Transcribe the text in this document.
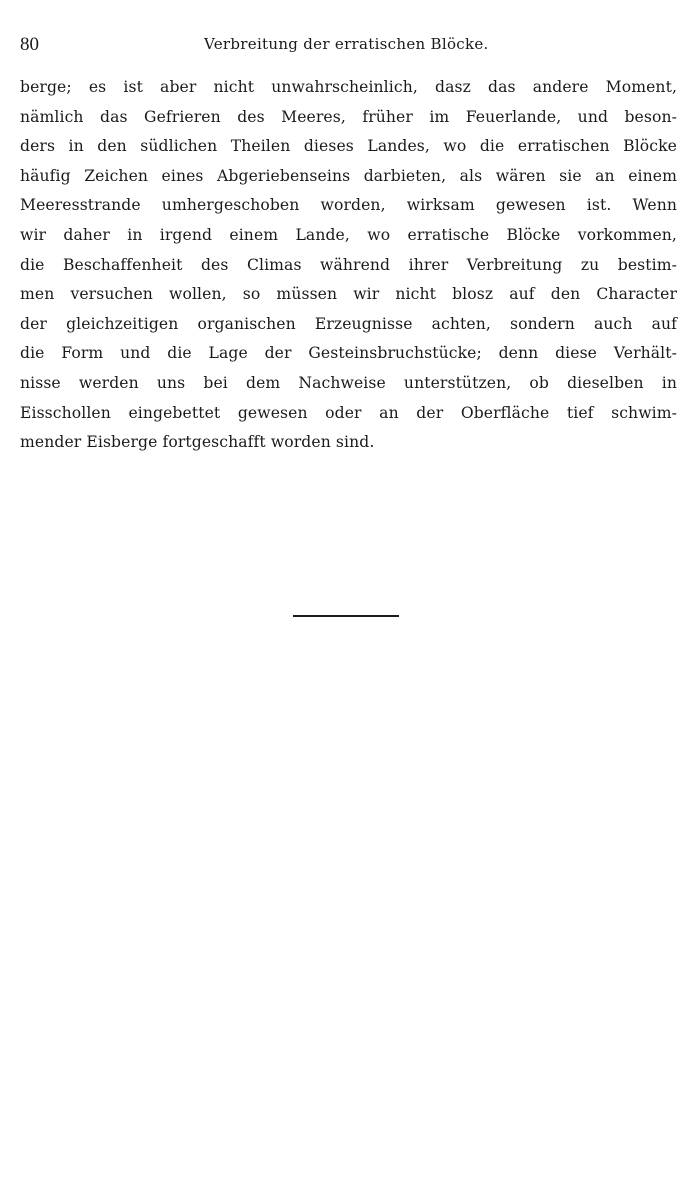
80	Verbreitung der erratischen Blöcke.
berge; es ist aber nicht unwahrscheinlich, dasz das andere Moment,
nämlich das Gefrieren des Meeres, früher im Feuerlande, und beson-
ders in den südlichen Theilen dieses Landes, wo die erratischen Blöcke
häufig Zeichen eines Abgeriebenseins darbieten, als wären sie an einem
Meeresstrande umhergeschoben worden, wirksam gewesen ist. Wenn
wir daher in irgend einem Lande, wo erratische Blöcke vorkommen,
die Beschaffenheit des Climas während ihrer Verbreitung zu bestim-
men versuchen wollen, so müssen wir nicht blosz auf den Character
der gleichzeitigen organischen Erzeugnisse achten, sondern auch auf
die Form und die Lage der Gesteinsbruchstücke; denn diese Verhält-
nisse werden uns bei dem Nachweise unterstützen, ob dieselben in
Eisschollen eingebettet gewesen oder an der Oberfläche tief schwim-
mender Eisberge fortgeschafft worden sind.
